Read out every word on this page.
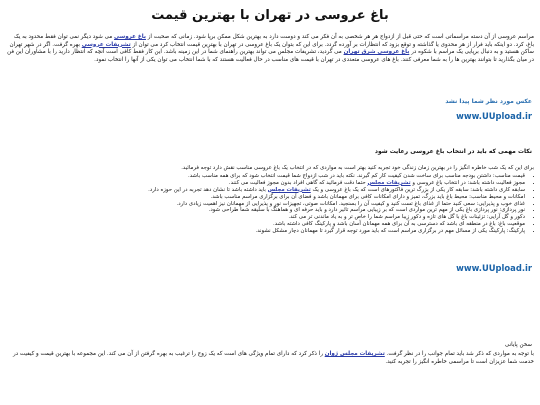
باغ عروسی در تهران با بهترین قیمت

مراسم عروسی از آن دسته مراسماتی است که حتی قبل از ازدواج هر هر شخصی به آن فکر می کند و دوست دارد به بهترین شکل ممکن برپا شود. زمانی که صحبت از باغ عروسی می شود دیگر نمی توان فقط محدود به یک باغ، کرد. دو اینکه باید فرار از هر محدوی یا گذاشته و توقع بزود که انتظارات بر آورده گردد. برای این که بتوان یک باغ عروسی در تهران با بهترین قیمت انتخاب کرد می توان از تشریفات عروسی بهره گرفت. اگر در شهر تهران ساکن هستید و به دنبال برپایی یک مراسم با شکوه در باغ عروسی شرق تهران می گردید، تشریفات مجلس می تواند بهترین راهنمای شما در این زمینه باشد. این کار فقط کافی است آنچه که انتظار دارید را با مشاوران این فن در میان بگذارید تا بتوانند بهترین ها را به شما معرفی کنند. باغ های عروسی متعددی در تهران با قیمت های مناسب در حال فعالیت هستند که با شما انتخاب می توان یکی از آنها را انتخاب نمود.

عکس مورد نظر شما پیدا نشد
www.UUpload.ir
نکات مهمی که باید در انتخاب باغ عروسی رعایت شود

برای این که یک شب خاطره انگیز را در بهترین زمان زندگی خود تجربه کنید بهتر است به مواردی که در انتخاب یک باغ عروسی مناسب نقش دارد توجه فرمائید.

• قیمت مناسب: داشتن بودجه مناسب برای ساخت شدن کیفیت کار کم گیرند. نکته باید در شب ازدواج شما قیمت انتخاب شود که برای همه مناسب باشد.
• مجوز فعالیت داشته باشد: در انتخاب باغ عروسی و تشریفات مجلس حتما دقت فرمائید که گاهی افراد بدون مجوز فعالیت می کنند.
• سابقه کاری داشته باشد: سابقه کار یکی از بزرگ ترین فاکتورهای است که یک باغ عروسی و یک تشریفات مجلس باید داشته باشد تا نشان دهد تجربه در این حوزه دارد.
• امکانات و محیط مناسب: محیط باغ باید بزرگ، تمیز و دارای امکانات کافی برای مهمانان باشد و فضای آن برای برگزاری مراسم مناسب باشد.
• غذای خوب و پذیرایی: سعی کنید حتما از غذای باغ تست کنید و کیفیت آن را بسنجید. امکانات صوتی، تجهیزات نور و پذیرایی از مهمانان نیز اهمیت زیادی دارد.
• نور پردازی: نور پردازی باغ یکی از مهم ترین مواردی است که بر زیبایی مراسم تاثیر دارد و باید حرفه ای و هماهنگ با سلیقه شما طراحی شود.
• دکور و گل آرایی: تزئینات باغ با گل های تازه و دکور زیبا مراسم شما را خاص تر و به یاد ماندنی تر می کند.
• موقعیت باغ: باغ در منطقه ای باشد که دسترسی به آن برای همه مهمانان آسان باشد و پارکینگ کافی داشته باشد.
• پارکینگ: پارکینگ یکی از مسائل مهم در برگزاری مراسم است که باید مورد توجه قرار گیرد تا مهمانان دچار مشکل نشوند.
www.UUpload.ir
سخن پایانی

با توجه به مواردی که ذکر شد باید تمام جوانب را در نظر گرفت. تشریفات مجلس ژوان را ذکر کرد که دارای تمام ویژگی های است که یک زوج را ترغیب به بهره گرفتن از آن می کند. این مجموعه با بهترین قیمت و کیفیت در خدمت شما عزیزان است تا مراسمی خاطره انگیز را تجربه کنید.
